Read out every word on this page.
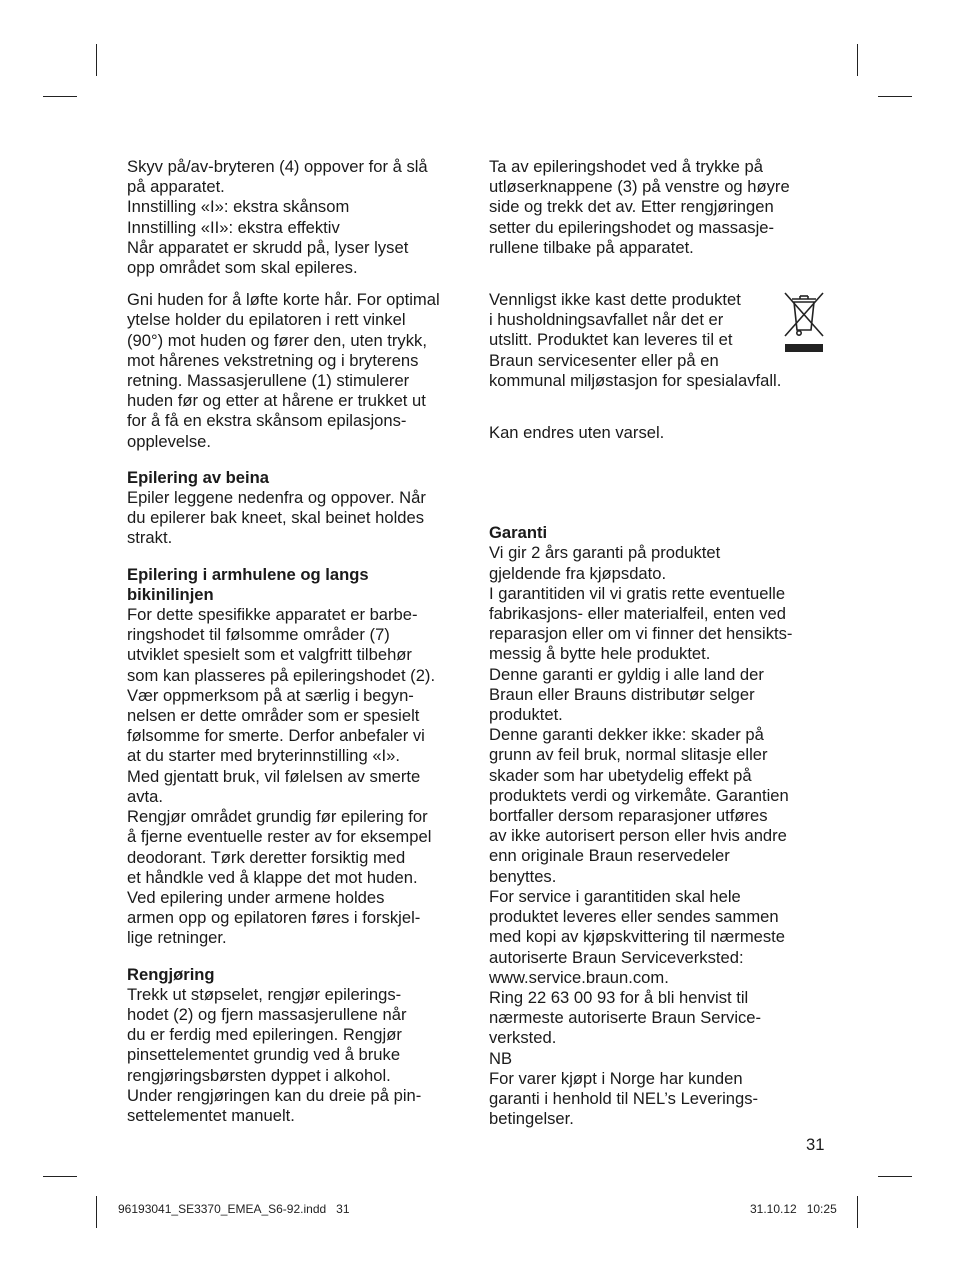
Skyv på/av-bryteren (4) oppover for å slå
på apparatet.
Innstilling «I»: ekstra skånsom
Innstilling «II»: ekstra effektiv
Når apparatet er skrudd på, lyser lyset
opp området som skal epileres.

Gni huden for å løfte korte hår. For optimal
ytelse holder du epilatoren i rett vinkel
(90°) mot huden og fører den, uten trykk,
mot hårenes vekstretning og i bryterens
retning. Massasjerullene (1) stimulerer
huden før og etter at hårene er trukket ut
for å få en ekstra skånsom epilasjons-
opplevelse.

Epilering av beina

Epiler leggene nedenfra og oppover. Når
du epilerer bak kneet, skal beinet holdes
strakt.

Epilering i armhulene og langs
bikinilinjen

For dette spesifikke apparatet er barbe-
ringshodet til følsomme områder (7)
utviklet spesielt som et valgfritt tilbehør
som kan plasseres på epileringshodet (2).
Vær oppmerksom på at særlig i begyn-
nelsen er dette områder som er spesielt
følsomme for smerte. Derfor anbefaler vi
at du starter med bryterinnstilling «I».
Med gjentatt bruk, vil følelsen av smerte
avta.
Rengjør området grundig før epilering for
å fjerne eventuelle rester av for eksempel
deodorant. Tørk deretter forsiktig med
et håndkle ved å klappe det mot huden.
Ved epilering under armene holdes
armen opp og epilatoren føres i forskjel-
lige retninger.

Rengjøring

Trekk ut støpselet, rengjør epilerings-
hodet (2) og fjern massasjerullene når
du er ferdig med epileringen. Rengjør
pinsettelementet grundig ved å bruke
rengjøringsbørsten dyppet i alkohol.
Under rengjøringen kan du dreie på pin-
settelementet manuelt.

Ta av epileringshodet ved å trykke på
utløserknappene (3) på venstre og høyre
side og trekk det av. Etter rengjøringen
setter du epileringshodet og massasje-
rullene tilbake på apparatet.

Vennligst ikke kast dette produktet
i husholdningsavfallet når det er
utslitt. Produktet kan leveres til et
Braun servicesenter eller på en
kommunal miljøstasjon for spesialavfall.

Kan endres uten varsel.

Garanti

Vi gir 2 års garanti på produktet
gjeldende fra kjøpsdato.
I garantitiden vil vi gratis rette eventuelle
fabrikasjons- eller materialfeil, enten ved
reparasjon eller om vi finner det hensikts-
messig å bytte hele produktet.
Denne garanti er gyldig i alle land der
Braun eller Brauns distributør selger
produktet.
Denne garanti dekker ikke: skader på
grunn av feil bruk, normal slitasje eller
skader som har ubetydelig effekt på
produktets verdi og virkemåte. Garantien
bortfaller dersom reparasjoner utføres
av ikke autorisert person eller hvis andre
enn originale Braun reservedeler
benyttes.
For service i garantitiden skal hele
produktet leveres eller sendes sammen
med kopi av kjøpskvittering til nærmeste
autoriserte Braun Serviceverksted:
www.service.braun.com.
Ring 22 63 00 93 for å bli henvist til
nærmeste autoriserte Braun Service-
verksted.
NB
For varer kjøpt i Norge har kunden
garanti i henhold til NEL’s Leverings-
betingelser.

31
96193041_SE3370_EMEA_S6-92.indd   31	31.10.12   10:25
